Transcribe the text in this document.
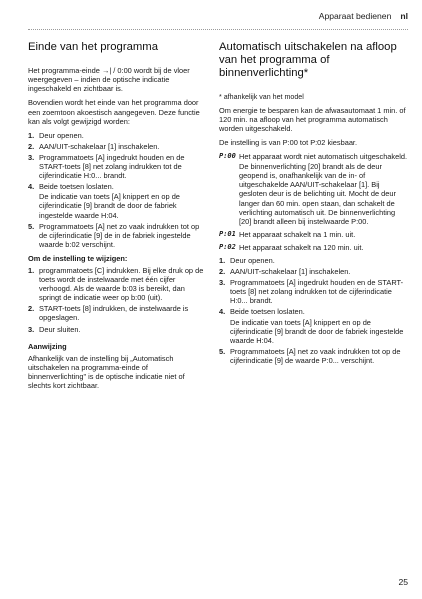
Apparaat bedienen nl
Einde van het programma

Het programma-einde →| / 0:00 wordt bij de vloer weergegeven – indien de optische indicatie ingeschakeld en zichtbaar is.

Bovendien wordt het einde van het programma door een zoemtoon akoestisch aangegeven. Deze functie kan als volgt gewijzigd worden:

1. Deur openen.
2. AAN/UIT-schakelaar [1] inschakelen.
3. Programmatoets [A] ingedrukt houden en de START-toets [8] net zolang indrukken tot de cijferindicatie H:0... brandt.
4. Beide toetsen loslaten.
De indicatie van toets [A] knippert en op de cijferindicatie [9] brandt de door de fabriek ingestelde waarde H:04.
5. Programmatoets [A] net zo vaak indrukken tot op de cijferindicatie [9] de in de fabriek ingestelde waarde b:02 verschijnt.
Om de instelling te wijzigen:
1. programmatoets [C] indrukken. Bij elke druk op de toets wordt de instelwaarde met één cijfer verhoogd. Als de waarde b:03 is bereikt, dan springt de indicatie weer op b:00 (uit).
2. START-toets [8] indrukken, de instelwaarde is opgeslagen.
3. Deur sluiten.
Aanwijzing

Afhankelijk van de instelling bij „Automatisch uitschakelen na programma-einde of binnenverlichting" is de optische indicatie niet of slechts kort zichtbaar.

Automatisch uitschakelen na afloop van het programma of binnenverlichting*

* afhankelijk van het model

Om energie te besparen kan de afwasautomaat 1 min. of 120 min. na afloop van het programma automatisch worden uitgeschakeld.

De instelling is van P:00 tot P:02 kiesbaar.

P:00 Het apparaat wordt niet automatisch uitgeschakeld.
De binnenverlichting [20] brandt als de deur geopend is, onafhankelijk van de in- of uitgeschakelde AAN/UIT-schakelaar [1]. Bij gesloten deur is de belichting uit. Mocht de deur langer dan 60 min. open staan, dan schakelt de verlichting automatisch uit. De binnenverlichting [20] brandt alleen bij instelwaarde P:00.
P:01 Het apparaat schakelt na 1 min. uit.
P:02 Het apparaat schakelt na 120 min. uit.
1. Deur openen.
2. AAN/UIT-schakelaar [1] inschakelen.
3. Programmatoets [A] ingedrukt houden en de START-toets [8] net zolang indrukken tot de cijferindicatie H:0... brandt.
4. Beide toetsen loslaten.
De indicatie van toets [A] knippert en op de cijferindicatie [9] brandt de door de fabriek ingestelde waarde H:04.
5. Programmatoets [A] net zo vaak indrukken tot op de cijferindicatie [9] de waarde P:0... verschijnt.
25
